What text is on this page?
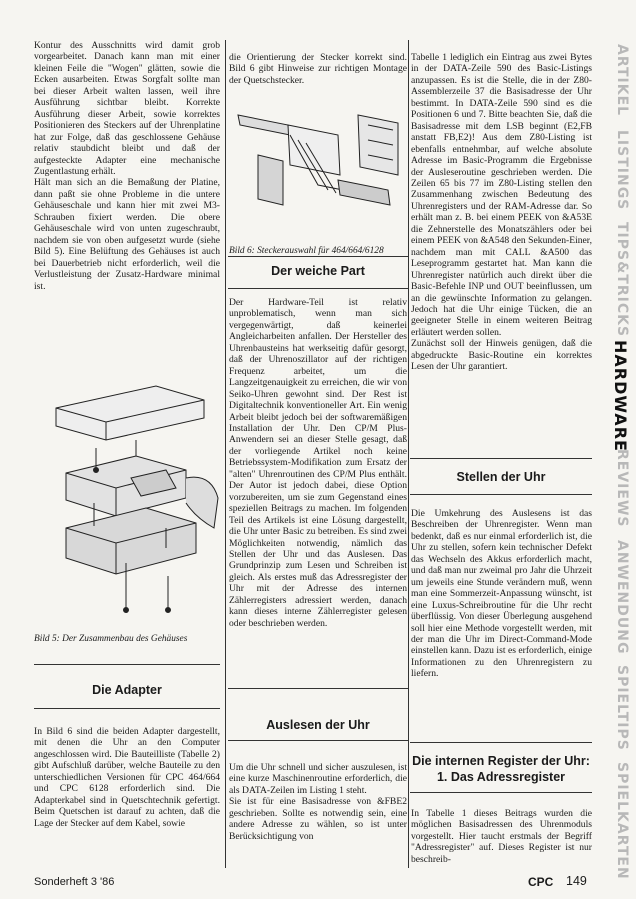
Kontur des Ausschnitts wird damit grob vorgearbeitet. Danach kann man mit einer kleinen Feile die "Wogen" glätten, sowie die Ecken ausarbeiten. Etwas Sorgfalt sollte man bei dieser Arbeit walten lassen, weil ihre Ausführung sichtbar bleibt. Korrekte Ausführung dieser Arbeit, sowie korrektes Positionieren des Steckers auf der Uhrenplatine hat zur Folge, daß das geschlossene Gehäuse relativ staubdicht bleibt und daß der aufgesteckte Adapter eine mechanische Zugentlastung erhält.

Hält man sich an die Bemaßung der Platine, dann paßt sie ohne Probleme in die untere Gehäuseschale und kann hier mit zwei M3-Schrauben fixiert werden. Die obere Gehäuseschale wird von unten zugeschraubt, nachdem sie von oben aufgesetzt wurde (siehe Bild 5). Eine Belüftung des Gehäuses ist auch bei Dauerbetrieb nicht erforderlich, weil die Verlustleistung der Zusatz-Hardware minimal ist.

Bild 5: Der Zusammenbau des Gehäuses
Die Adapter

In Bild 6 sind die beiden Adapter dargestellt, mit denen die Uhr an den Computer angeschlossen wird. Die Bauteilliste (Tabelle 2) gibt Aufschluß darüber, welche Bauteile zu den unterschiedlichen Versionen für CPC 464/664 und CPC 6128 erforderlich sind. Die Adapterkabel sind in Quetschtechnik gefertigt. Beim Quetschen ist darauf zu achten, daß die Lage der Stecker auf dem Kabel, sowie

die Orientierung der Stecker korrekt sind. Bild 6 gibt Hinweise zur richtigen Montage der Quetschstecker.

Bild 6: Steckerauswahl für 464/664/6128
Der weiche Part

Der Hardware-Teil ist relativ unproblematisch, wenn man sich vergegenwärtigt, daß keinerlei Angleicharbeiten anfallen. Der Hersteller des Uhrenbausteins hat werkseitig dafür gesorgt, daß der Uhrenoszillator auf der richtigen Frequenz arbeitet, um die Langzeitgenauigkeit zu erreichen, die wir von Seiko-Uhren gewohnt sind. Der Rest ist Digitaltechnik konventioneller Art. Ein wenig Arbeit bleibt jedoch bei der softwaremäßigen Installation der Uhr. Den CP/M Plus-Anwendern sei an dieser Stelle gesagt, daß der vorliegende Artikel noch keine Betriebssystem-Modifikation zum Ersatz der "alten" Uhrenroutinen des CP/M Plus enthält. Der Autor ist jedoch dabei, diese Option vorzubereiten, um sie zum Gegenstand eines speziellen Beitrags zu machen. Im folgenden Teil des Artikels ist eine Lösung dargestellt, die Uhr unter Basic zu betreiben. Es sind zwei Möglichkeiten notwendig, nämlich das Stellen der Uhr und das Auslesen. Das Grundprinzip zum Lesen und Schreiben ist gleich. Als erstes muß das Adressregister der Uhr mit der Adresse des internen Zählerregisters adressiert werden, danach kann dieses interne Zählerregister gelesen oder beschrieben werden.

Auslesen der Uhr

Um die Uhr schnell und sicher auszulesen, ist eine kurze Maschinenroutine erforderlich, die als DATA-Zeilen im Listing 1 steht.

Sie ist für eine Basisadresse von &FBE2 geschrieben. Sollte es notwendig sein, eine andere Adresse zu wählen, so ist unter Berücksichtigung von

Tabelle 1 lediglich ein Eintrag aus zwei Bytes in der DATA-Zeile 590 des Basic-Listings anzupassen. Es ist die Stelle, die in der Z80-Assemblerzeile 37 die Basisadresse der Uhr bestimmt. In DATA-Zeile 590 sind es die Positionen 6 und 7. Bitte beachten Sie, daß die Basisadresse mit dem LSB beginnt (E2,FB anstatt FB,E2)! Aus dem Z80-Listing ist ebenfalls entnehmbar, auf welche absolute Adresse im Basic-Programm die Ergebnisse der Ausleseroutine geschrieben werden. Die Zeilen 65 bis 77 im Z80-Listing stellen den Zusammenhang zwischen Bedeutung des Uhrenregisters und der RAM-Adresse dar. So erhält man z. B. bei einem PEEK von &A53E die Zehnerstelle des Monatszählers oder bei einem PEEK von &A548 den Sekunden-Einer, nachdem man mit CALL &A500 das Leseprogramm gestartet hat. Man kann die Uhrenregister natürlich auch direkt über die Basic-Befehle INP und OUT beeinflussen, um an die gewünschte Information zu gelangen. Jedoch hat die Uhr einige Tücken, die an geeigneter Stelle in einem weiteren Beitrag erläutert werden sollen.

Zunächst soll der Hinweis genügen, daß die abgedruckte Basic-Routine ein korrektes Lesen der Uhr garantiert.

Stellen der Uhr

Die Umkehrung des Auslesens ist das Beschreiben der Uhrenregister. Wenn man bedenkt, daß es nur einmal erforderlich ist, die Uhr zu stellen, sofern kein technischer Defekt das Wechseln des Akkus erforderlich macht, und daß man nur zweimal pro Jahr die Uhrzeit um jeweils eine Stunde verändern muß, wenn man eine Sommerzeit-Anpassung wünscht, ist eine Luxus-Schreibroutine für die Uhr recht überflüssig. Von dieser Überlegung ausgehend soll hier eine Methode vorgestellt werden, mit der man die Uhr im Direct-Command-Mode einstellen kann. Dazu ist es erforderlich, einige Informationen zu den Uhrenregistern zu liefern.

Die internen Register der Uhr:
1. Das Adressregister

In Tabelle 1 dieses Beitrags wurden die möglichen Basisadressen des Uhrenmoduls vorgestellt. Hier taucht erstmals der Begriff "Adressregister" auf. Dieses Register ist nur beschreib-

ARTIKEL
LISTINGS
TIPS&TRICKS
HARDWARE
REVIEWS
ANWENDUNG
SPIELTIPS
SPIELKARTEN
Sonderheft 3 '86	CPC 149
